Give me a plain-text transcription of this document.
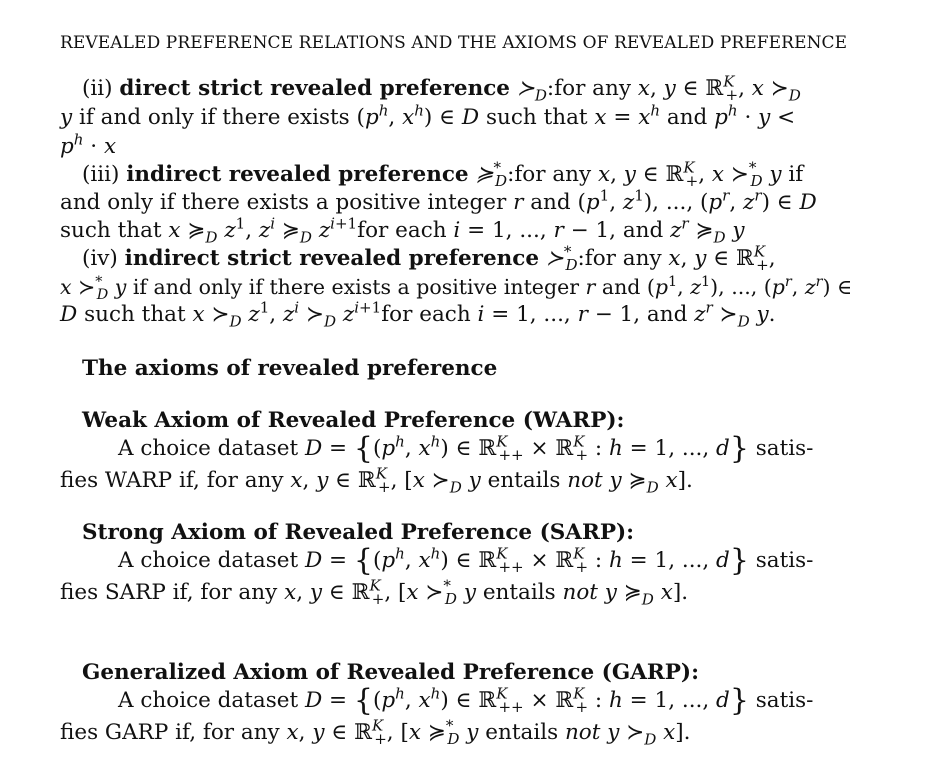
REVEALED PREFERENCE RELATIONS AND THE AXIOMS OF REVEALED PREFERENCE
(ii) direct strict revealed preference $≻_D:for$ any x, y ∈ ℝ$^K_+$, x $≻_D$
y if and only if there exists ($p^h$, $x^h$) ∈ D such that $x = x^h$ and $p^h \cdot y$ <
$p^h \cdot x$
(iii) indirect revealed preference $≽^*_D:for$ any x, y ∈ ℝ$^K_+$, x $≻^*_D$ y if
and only if there exists a positive integer r and ($p^1$, $z^1$), ..., ($p^r$, $z^r$) ∈ D
such that x $≽_D$ $z^1$, $z^i$ $≽_D$ $z^{i+1}for$ each i = 1, ..., r − 1, and $z^r$ $≽_D$ y
(iv) indirect strict revealed preference $≻^*_D:for$ any x, y ∈ ℝ$^K_+$,
x $≻^*_D$ y if and only if there exists a positive integer r and ($p^1$, $z^1$), ..., ($p^r$, $z^r$) ∈
D such that x $≻_D$ $z^1$, $z^i$ $≻_D$ $z^{i+1}for$ each i = 1, ..., r − 1, and $z^r$ $≻_D$ y.
The axioms of revealed preference
Weak Axiom of Revealed Preference (WARP):
A choice dataset $D = \{(p^h$, $x^h$) ∈ ℝ$^K_{++}$ × ℝ$^K_+$ : h = 1, ..., d} satis-
fies WARP if, for any x, y ∈ ℝ$^K_+$, [x $≻_D$ y entails not y $≽_D$ x].
Strong Axiom of Revealed Preference (SARP):
A choice dataset $D = \{(p^h$, $x^h$) ∈ ℝ$^K_{++}$ × ℝ$^K_+$ : h = 1, ..., d} satis-
fies SARP if, for any x, y ∈ ℝ$^K_+$, [x $≻^*_D$ y entails not y $≽_D$ x].
Generalized Axiom of Revealed Preference (GARP):
A choice dataset $D = \{(p^h$, $x^h$) ∈ ℝ$^K_{++}$ × ℝ$^K_+$ : h = 1, ..., d} satis-
fies GARP if, for any x, y ∈ ℝ$^K_+$, [x $≽^*_D$ y entails not y $≻_D$ x].
